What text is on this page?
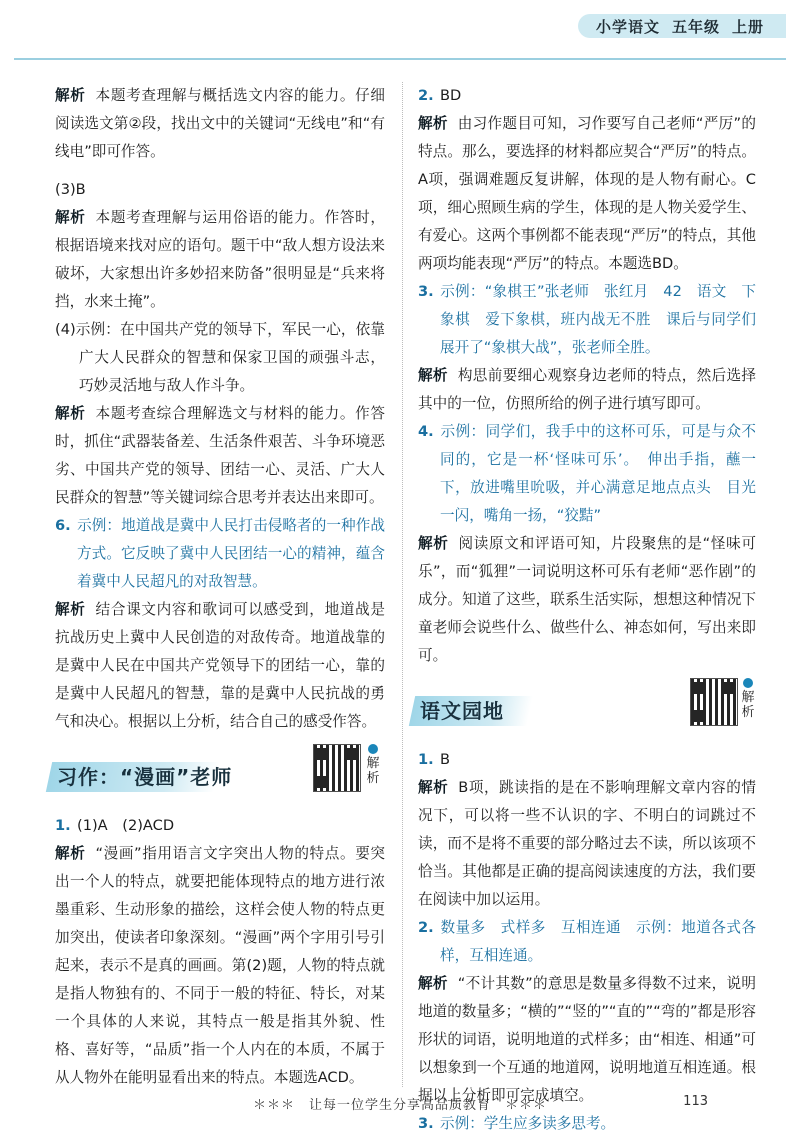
小学语文 五年级 上册

解析 本题考查理解与概括选文内容的能力。仔细阅读选文第②段，找出文中的关键词“无线电”和“有线电”即可作答。

(3)B

解析 本题考查理解与运用俗语的能力。作答时，根据语境来找对应的语句。题干中“敌人想方设法来破坏，大家想出许多妙招来防备”很明显是“兵来将挡，水来土掩”。

(4)示例：在中国共产党的领导下，军民一心，依靠广大人民群众的智慧和保家卫国的顽强斗志，巧妙灵活地与敌人作斗争。

解析 本题考查综合理解选文与材料的能力。作答时，抓住“武器装备差、生活条件艰苦、斗争环境恶劣、中国共产党的领导、团结一心、灵活、广大人民群众的智慧”等关键词综合思考并表达出来即可。

6. 示例：地道战是冀中人民打击侵略者的一种作战方式。它反映了冀中人民团结一心的精神，蕴含着冀中人民超凡的对敌智慧。

解析 结合课文内容和歌词可以感受到，地道战是抗战历史上冀中人民创造的对敌传奇。地道战靠的是冀中人民在中国共产党领导下的团结一心，靠的是冀中人民超凡的智慧，靠的是冀中人民抗战的勇气和决心。根据以上分析，结合自己的感受作答。

习作：“漫画”老师
解析

1. (1)A　(2)ACD

解析 “漫画”指用语言文字突出人物的特点。要突出一个人的特点，就要把能体现特点的地方进行浓墨重彩、生动形象的描绘，这样会使人物的特点更加突出，使读者印象深刻。“漫画”两个字用引号引起来，表示不是真的画画。第(2)题，人物的特点就是指人物独有的、不同于一般的特征、特长，对某一个具体的人来说，其特点一般是指其外貌、性格、喜好等，“品质”指一个人内在的本质，不属于从人物外在能明显看出来的特点。本题选ACD。

2. BD

解析 由习作题目可知，习作要写自己老师“严厉”的特点。那么，要选择的材料都应契合“严厉”的特点。A项，强调难题反复讲解，体现的是人物有耐心。C项，细心照顾生病的学生，体现的是人物关爱学生、有爱心。这两个事例都不能表现“严厉”的特点，其他两项均能表现“严厉”的特点。本题选BD。

3. 示例：“象棋王”张老师　张红月　42　语文　下象棋　爱下象棋，班内战无不胜　课后与同学们展开了“象棋大战”，张老师全胜。

解析 构思前要细心观察身边老师的特点，然后选择其中的一位，仿照所给的例子进行填写即可。

4. 示例：同学们，我手中的这杯可乐，可是与众不同的，它是一杯‘怪味可乐’。　伸出手指，蘸一下，放进嘴里吮吸，并心满意足地点点头　目光一闪，嘴角一扬，“狡黠”

解析 阅读原文和评语可知，片段聚焦的是“怪味可乐”，而“狐狸”一词说明这杯可乐有老师“恶作剧”的成分。知道了这些，联系生活实际，想想这种情况下童老师会说些什么、做些什么、神态如何，写出来即可。

语文园地
解析

1. B

解析 B项，跳读指的是在不影响理解文章内容的情况下，可以将一些不认识的字、不明白的词跳过不读，而不是将不重要的部分略过去不读，所以该项不恰当。其他都是正确的提高阅读速度的方法，我们要在阅读中加以运用。

2. 数量多　式样多　互相连通　示例：地道各式各样，互相连通。

解析 “不计其数”的意思是数量多得数不过来，说明地道的数量多；“横的”“竖的”“直的”“弯的”都是形容形状的词语，说明地道的式样多；由“相连、相通”可以想象到一个互通的地道网，说明地道互相连通。根据以上分析即可完成填空。

3. 示例：学生应多读多思考。

＊＊＊　让每一位学生分享高品质教育　＊＊＊	113
